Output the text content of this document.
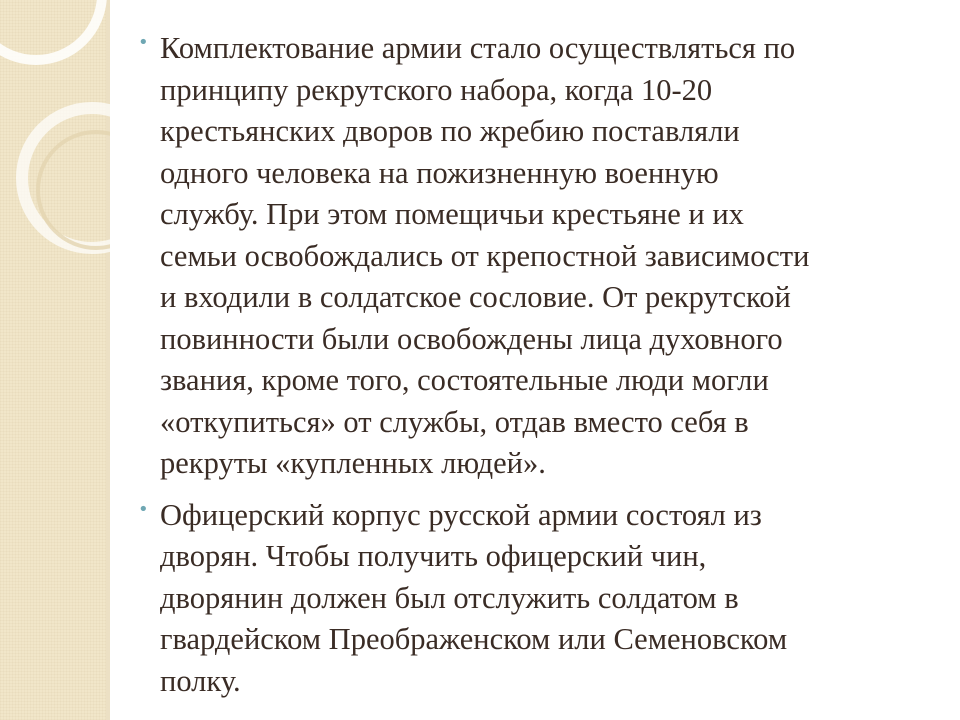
• Комплектование армии стало осуществляться по
принципу рекрутского набора, когда 10-20
крестьянских дворов по жребию поставляли
одного человека на пожизненную военную
службу. При этом помещичьи крестьяне и их
семьи освобождались от крепостной зависимости
и входили в солдатское сословие. От рекрутской
повинности были освобождены лица духовного
звания, кроме того, состоятельные люди могли
«откупиться» от службы, отдав вместо себя в
рекруты «купленных людей».
• Офицерский корпус русской армии состоял из
дворян. Чтобы получить офицерский чин,
дворянин должен был отслужить солдатом в
гвардейском Преображенском или Семеновском
полку.
